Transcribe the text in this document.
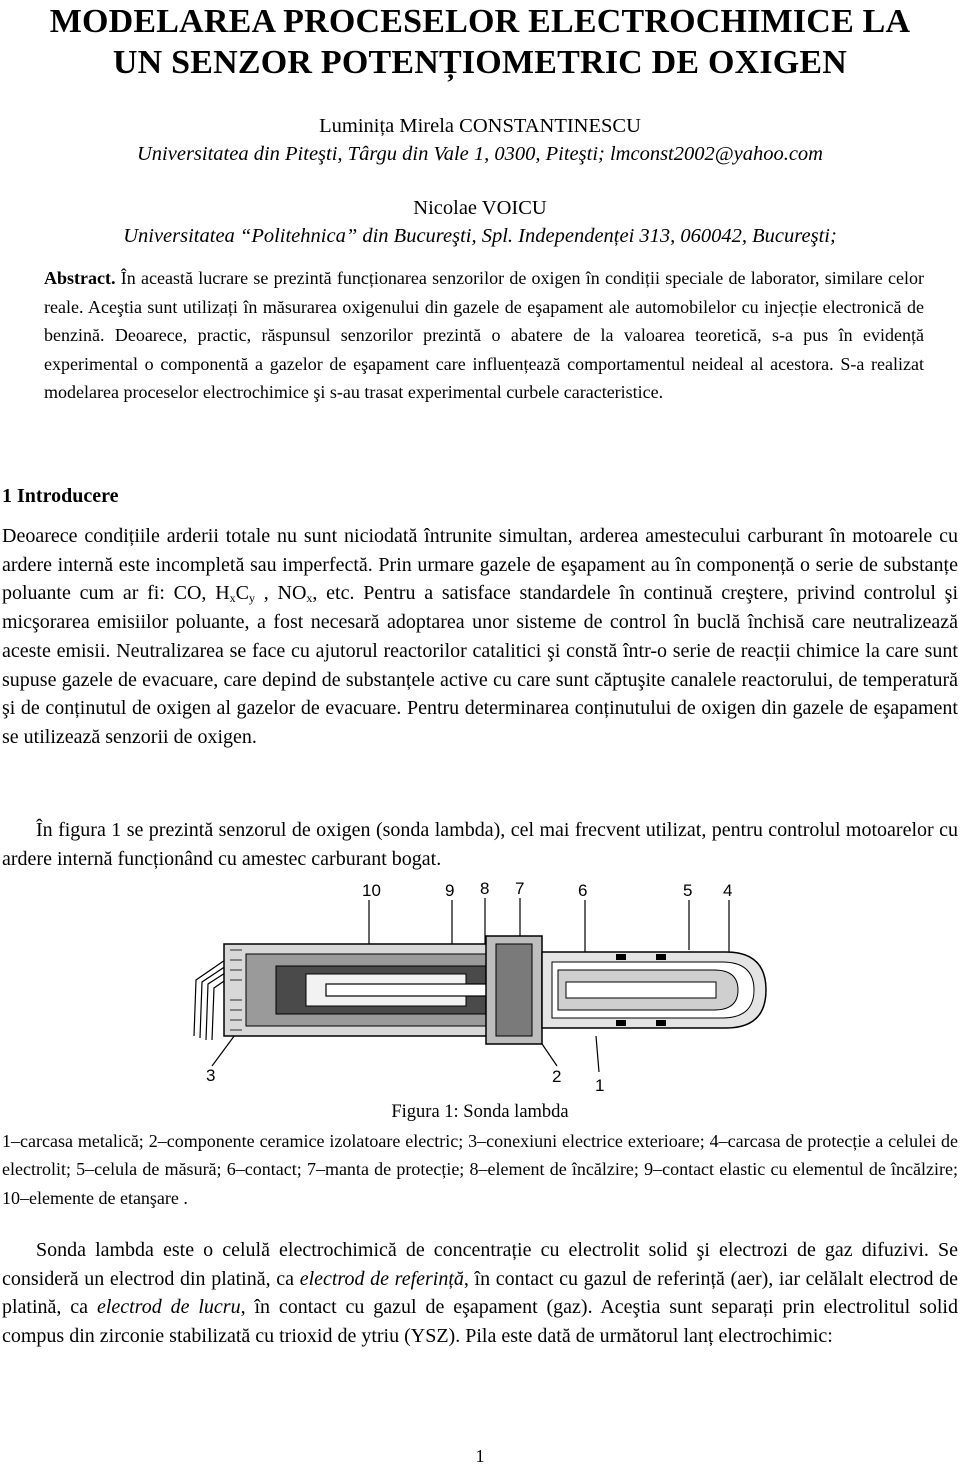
MODELAREA PROCESELOR ELECTROCHIMICE LA
UN SENZOR POTENȚIOMETRIC DE OXIGEN
Luminița Mirela CONSTANTINESCU
Universitatea din Piteşti, Târgu din Vale 1, 0300, Piteşti; lmconst2002@yahoo.com
Nicolae VOICU
Universitatea “Politehnica” din Bucureşti, Spl. Independenței 313, 060042, Bucureşti;
Abstract. În această lucrare se prezintă funcționarea senzorilor de oxigen în condiții speciale de laborator, similare celor reale. Aceştia sunt utilizați în măsurarea oxigenului din gazele de eşapament ale automobilelor cu injecție electronică de benzină. Deoarece, practic, răspunsul senzorilor prezintă o abatere de la valoarea teoretică, s-a pus în evidență experimental o componentă a gazelor de eşapament care influențează comportamentul neideal al acestora. S-a realizat modelarea proceselor electrochimice şi s-au trasat experimental curbele caracteristice.
1 Introducere
Deoarece condițiile arderii totale nu sunt niciodată întrunite simultan, arderea amestecului carburant în motoarele cu ardere internă este incompletă sau imperfectă. Prin urmare gazele de eşapament au în componență o serie de substanțe poluante cum ar fi: CO, $H_xC_y$ , $NO_x$, etc. Pentru a satisface standardele în continuă creştere, privind controlul şi micşorarea emisiilor poluante, a fost necesară adoptarea unor sisteme de control în buclă închisă care neutralizează aceste emisii. Neutralizarea se face cu ajutorul reactorilor catalitici şi constă într-o serie de reacții chimice la care sunt supuse gazele de evacuare, care depind de substanțele active cu care sunt căptuşite canalele reactorului, de temperatură şi de conținutul de oxigen al gazelor de evacuare. Pentru determinarea conținutului de oxigen din gazele de eşapament se utilizează senzorii de oxigen.
În figura 1 se prezintă senzorul de oxigen (sonda lambda), cel mai frecvent utilizat, pentru controlul motoarelor cu ardere internă funcționând cu amestec carburant bogat.
10	9 8 7	6	5 4
3	2 1
Figura 1: Sonda lambda
1–carcasa metalică; 2–componente ceramice izolatoare electric; 3–conexiuni electrice exterioare; 4–carcasa de protecție a celulei de electrolit; 5–celula de măsură; 6–contact; 7–manta de protecție; 8–element de încălzire; 9–contact elastic cu elementul de încălzire; 10–elemente de etanşare .
Sonda lambda este o celulă electrochimică de concentrație cu electrolit solid şi electrozi de gaz difuzivi. Se consideră un electrod din platină, ca electrod de referință, în contact cu gazul de referință (aer), iar celălalt electrod de platină, ca electrod de lucru, în contact cu gazul de eşapament (gaz). Aceştia sunt separați prin electrolitul solid compus din zirconie stabilizată cu trioxid de ytriu (YSZ). Pila este dată de următorul lanț electrochimic:
1
